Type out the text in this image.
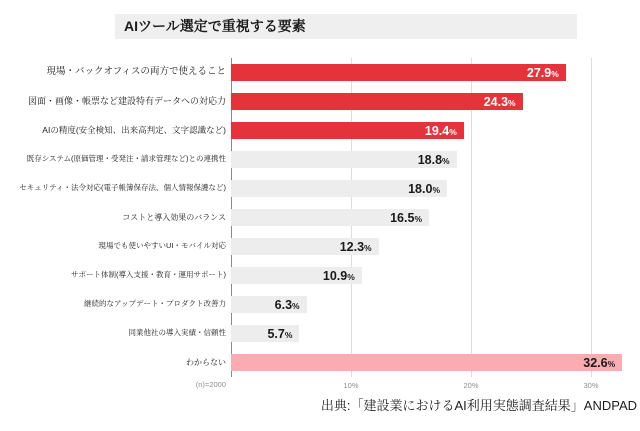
AIツール選定で重視する要素
現場・バックオフィスの両方で使えること	27.9%
図面・画像・帳票など建設特有データへの対応力	24.3%
AIの精度(安全検知、出来高判定、文字認識など)	19.4%
既存システム(原価管理・受発注・請求管理など)との連携性	18.8%
セキュリティ・法令対応(電子帳簿保存法、個人情報保護など)	18.0%
コストと導入効果のバランス	16.5%
現場でも使いやすいUI・モバイル対応	12.3%
サポート体制(導入支援・教育・運用サポート)	10.9%
継続的なアップデート・プロダクト改善力	6.3%
同業他社の導入実績・信頼性	5.7%
わからない	32.6%
(n)=2000	10%	20%	30%
出典:「建設業におけるAI利用実態調査結果」ANDPAD
